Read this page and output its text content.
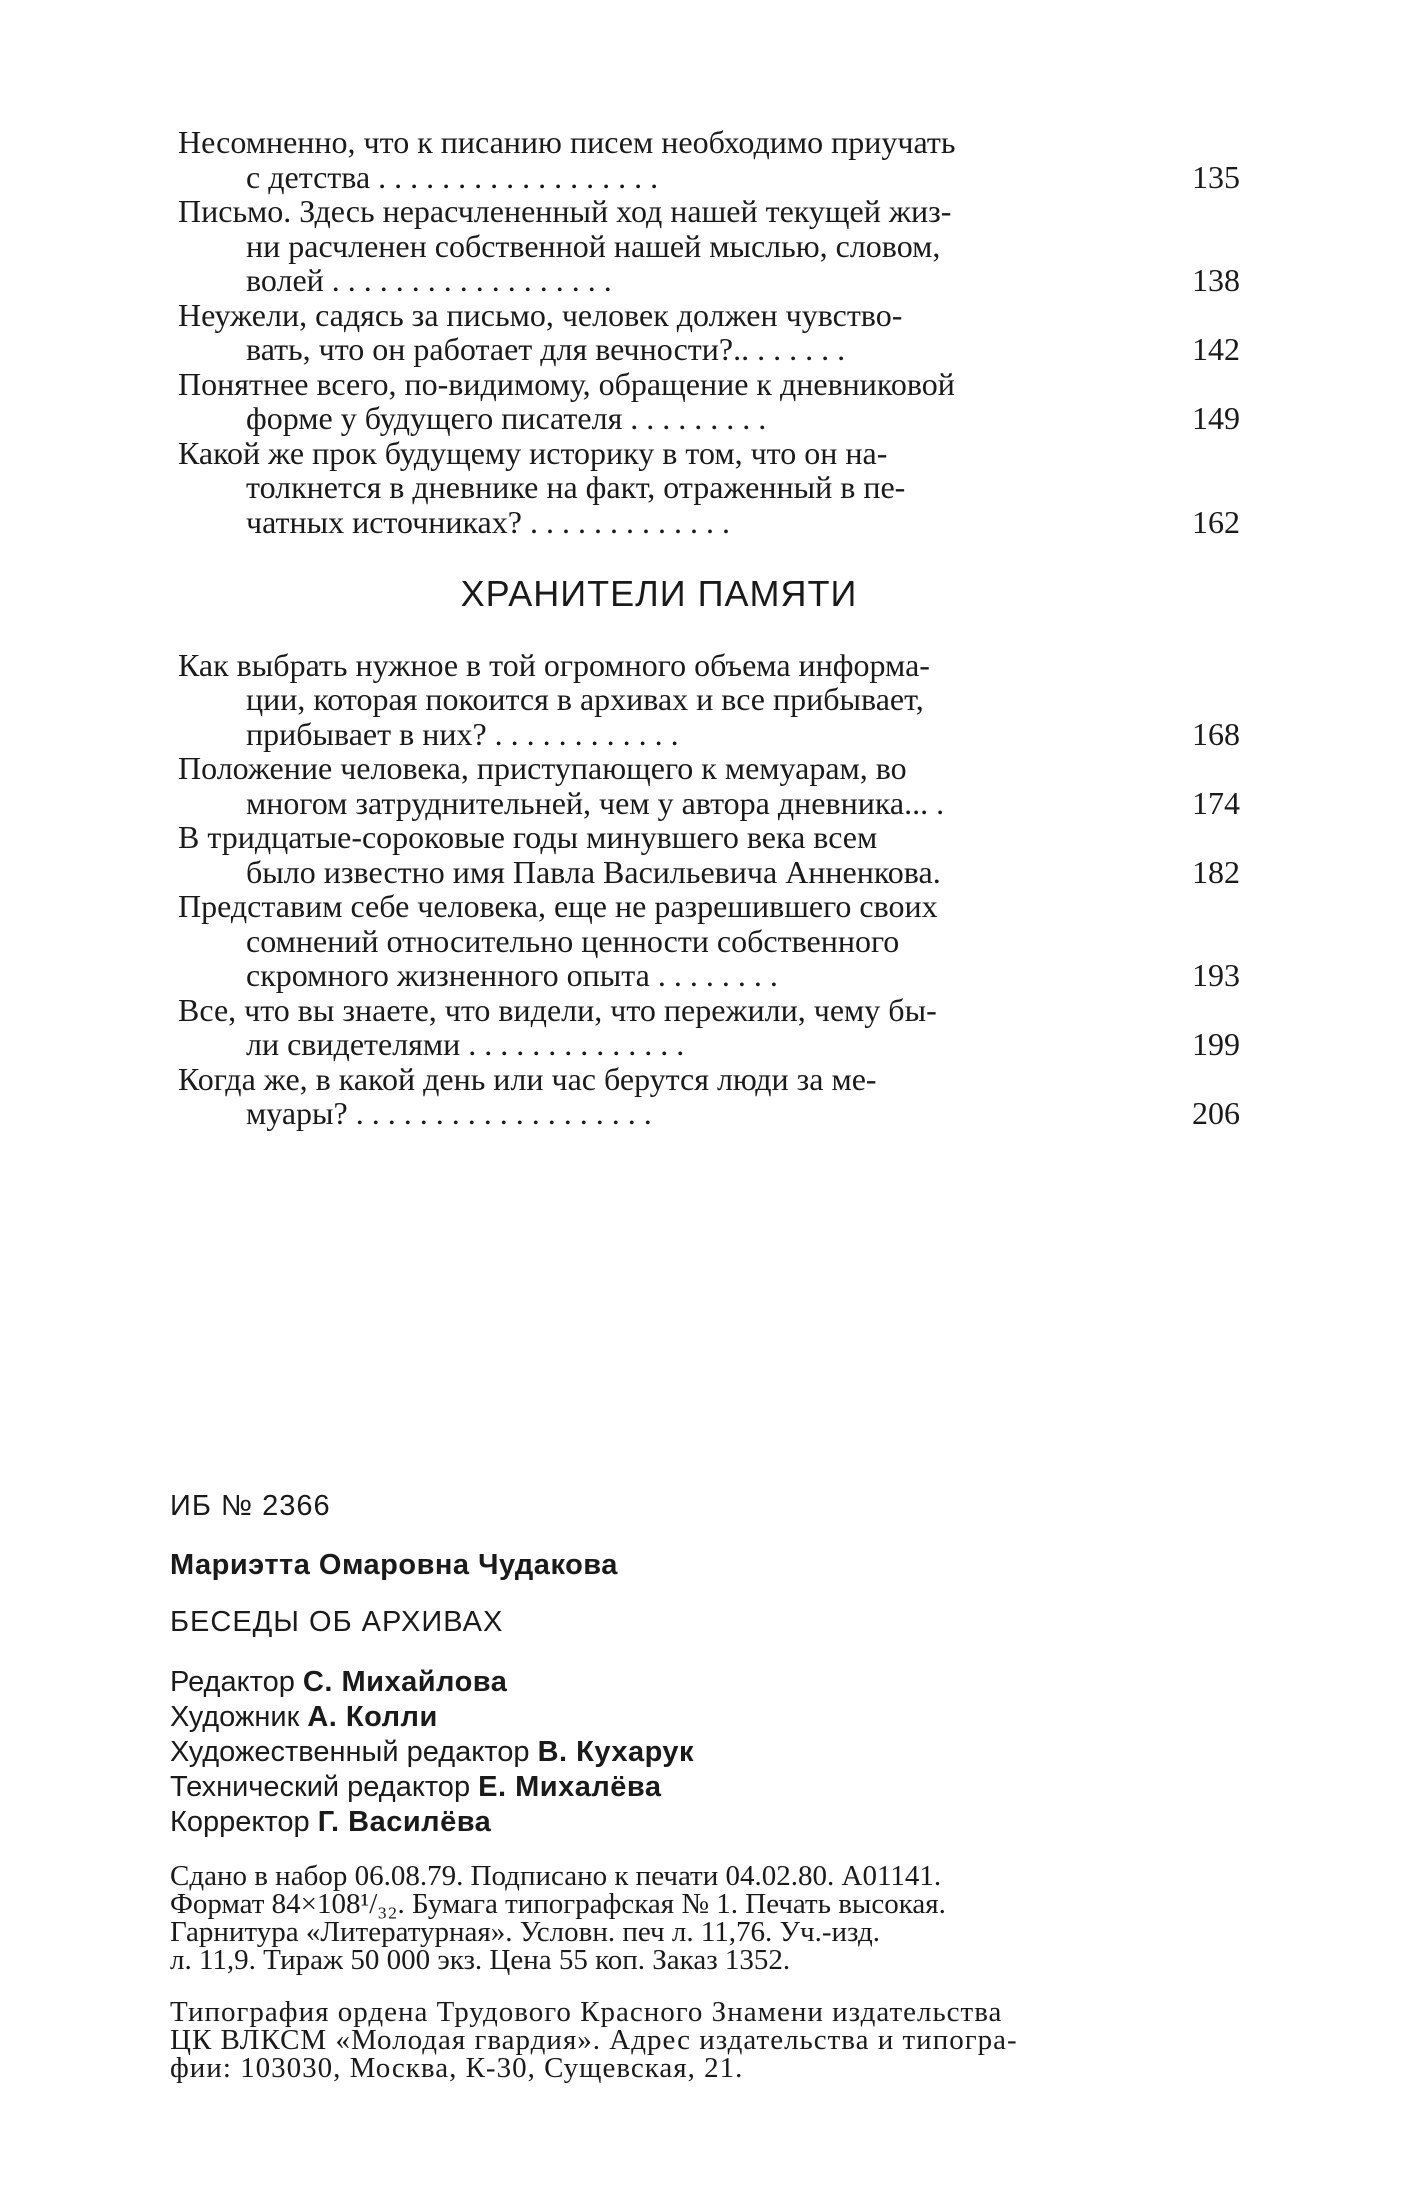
Несомненно, что к писанию писем необходимо приучать
с детства . . . . . . . . . . . . . . . . . .	135
Письмо. Здесь нерасчлененный ход нашей текущей жиз-
ни расчленен собственной нашей мыслью, словом,
волей . . . . . . . . . . . . . . . . . .	138
Неужели, садясь за письмо, человек должен чувство-
вать, что он работает для вечности?.. . . . . . .	142
Понятнее всего, по-видимому, обращение к дневниковой
форме у будущего писателя . . . . . . . . .	149
Какой же прок будущему историку в том, что он на-
толкнется в дневнике на факт, отраженный в пе-
чатных источниках? . . . . . . . . . . . . .	162
ХРАНИТЕЛИ ПАМЯТИ
Как выбрать нужное в той огромного объема информа-
ции, которая покоится в архивах и все прибывает,
прибывает в них? . . . . . . . . . . . .	168
Положение человека, приступающего к мемуарам, во
многом затруднительней, чем у автора дневника... .	174
В тридцатые-сороковые годы минувшего века всем
было известно имя Павла Васильевича Анненкова.	182
Представим себе человека, еще не разрешившего своих
сомнений относительно ценности собственного
скромного жизненного опыта . . . . . . . .	193
Все, что вы знаете, что видели, что пережили, чему бы-
ли свидетелями . . . . . . . . . . . . . .	199
Когда же, в какой день или час берутся люди за ме-
муары? . . . . . . . . . . . . . . . . . . .	206
ИБ № 2366
Мариэтта Омаровна Чудакова
БЕСЕДЫ ОБ АРХИВАХ
Редактор С. Михайлова
Художник А. Колли
Художественный редактор В. Кухарук
Технический редактор Е. Михалёва
Корректор Г. Василёва
Сдано в набор 06.08.79. Подписано к печати 04.02.80. А01141.
Формат 84×108¹/₃₂. Бумага типографская № 1. Печать высокая.
Гарнитура «Литературная». Условн. печ л. 11,76. Уч.-изд.
л. 11,9. Тираж 50 000 экз. Цена 55 коп. Заказ 1352.
Типография ордена Трудового Красного Знамени издательства
ЦК ВЛКСМ «Молодая гвардия». Адрес издательства и типогра-
фии: 103030, Москва, К-30, Сущевская, 21.
